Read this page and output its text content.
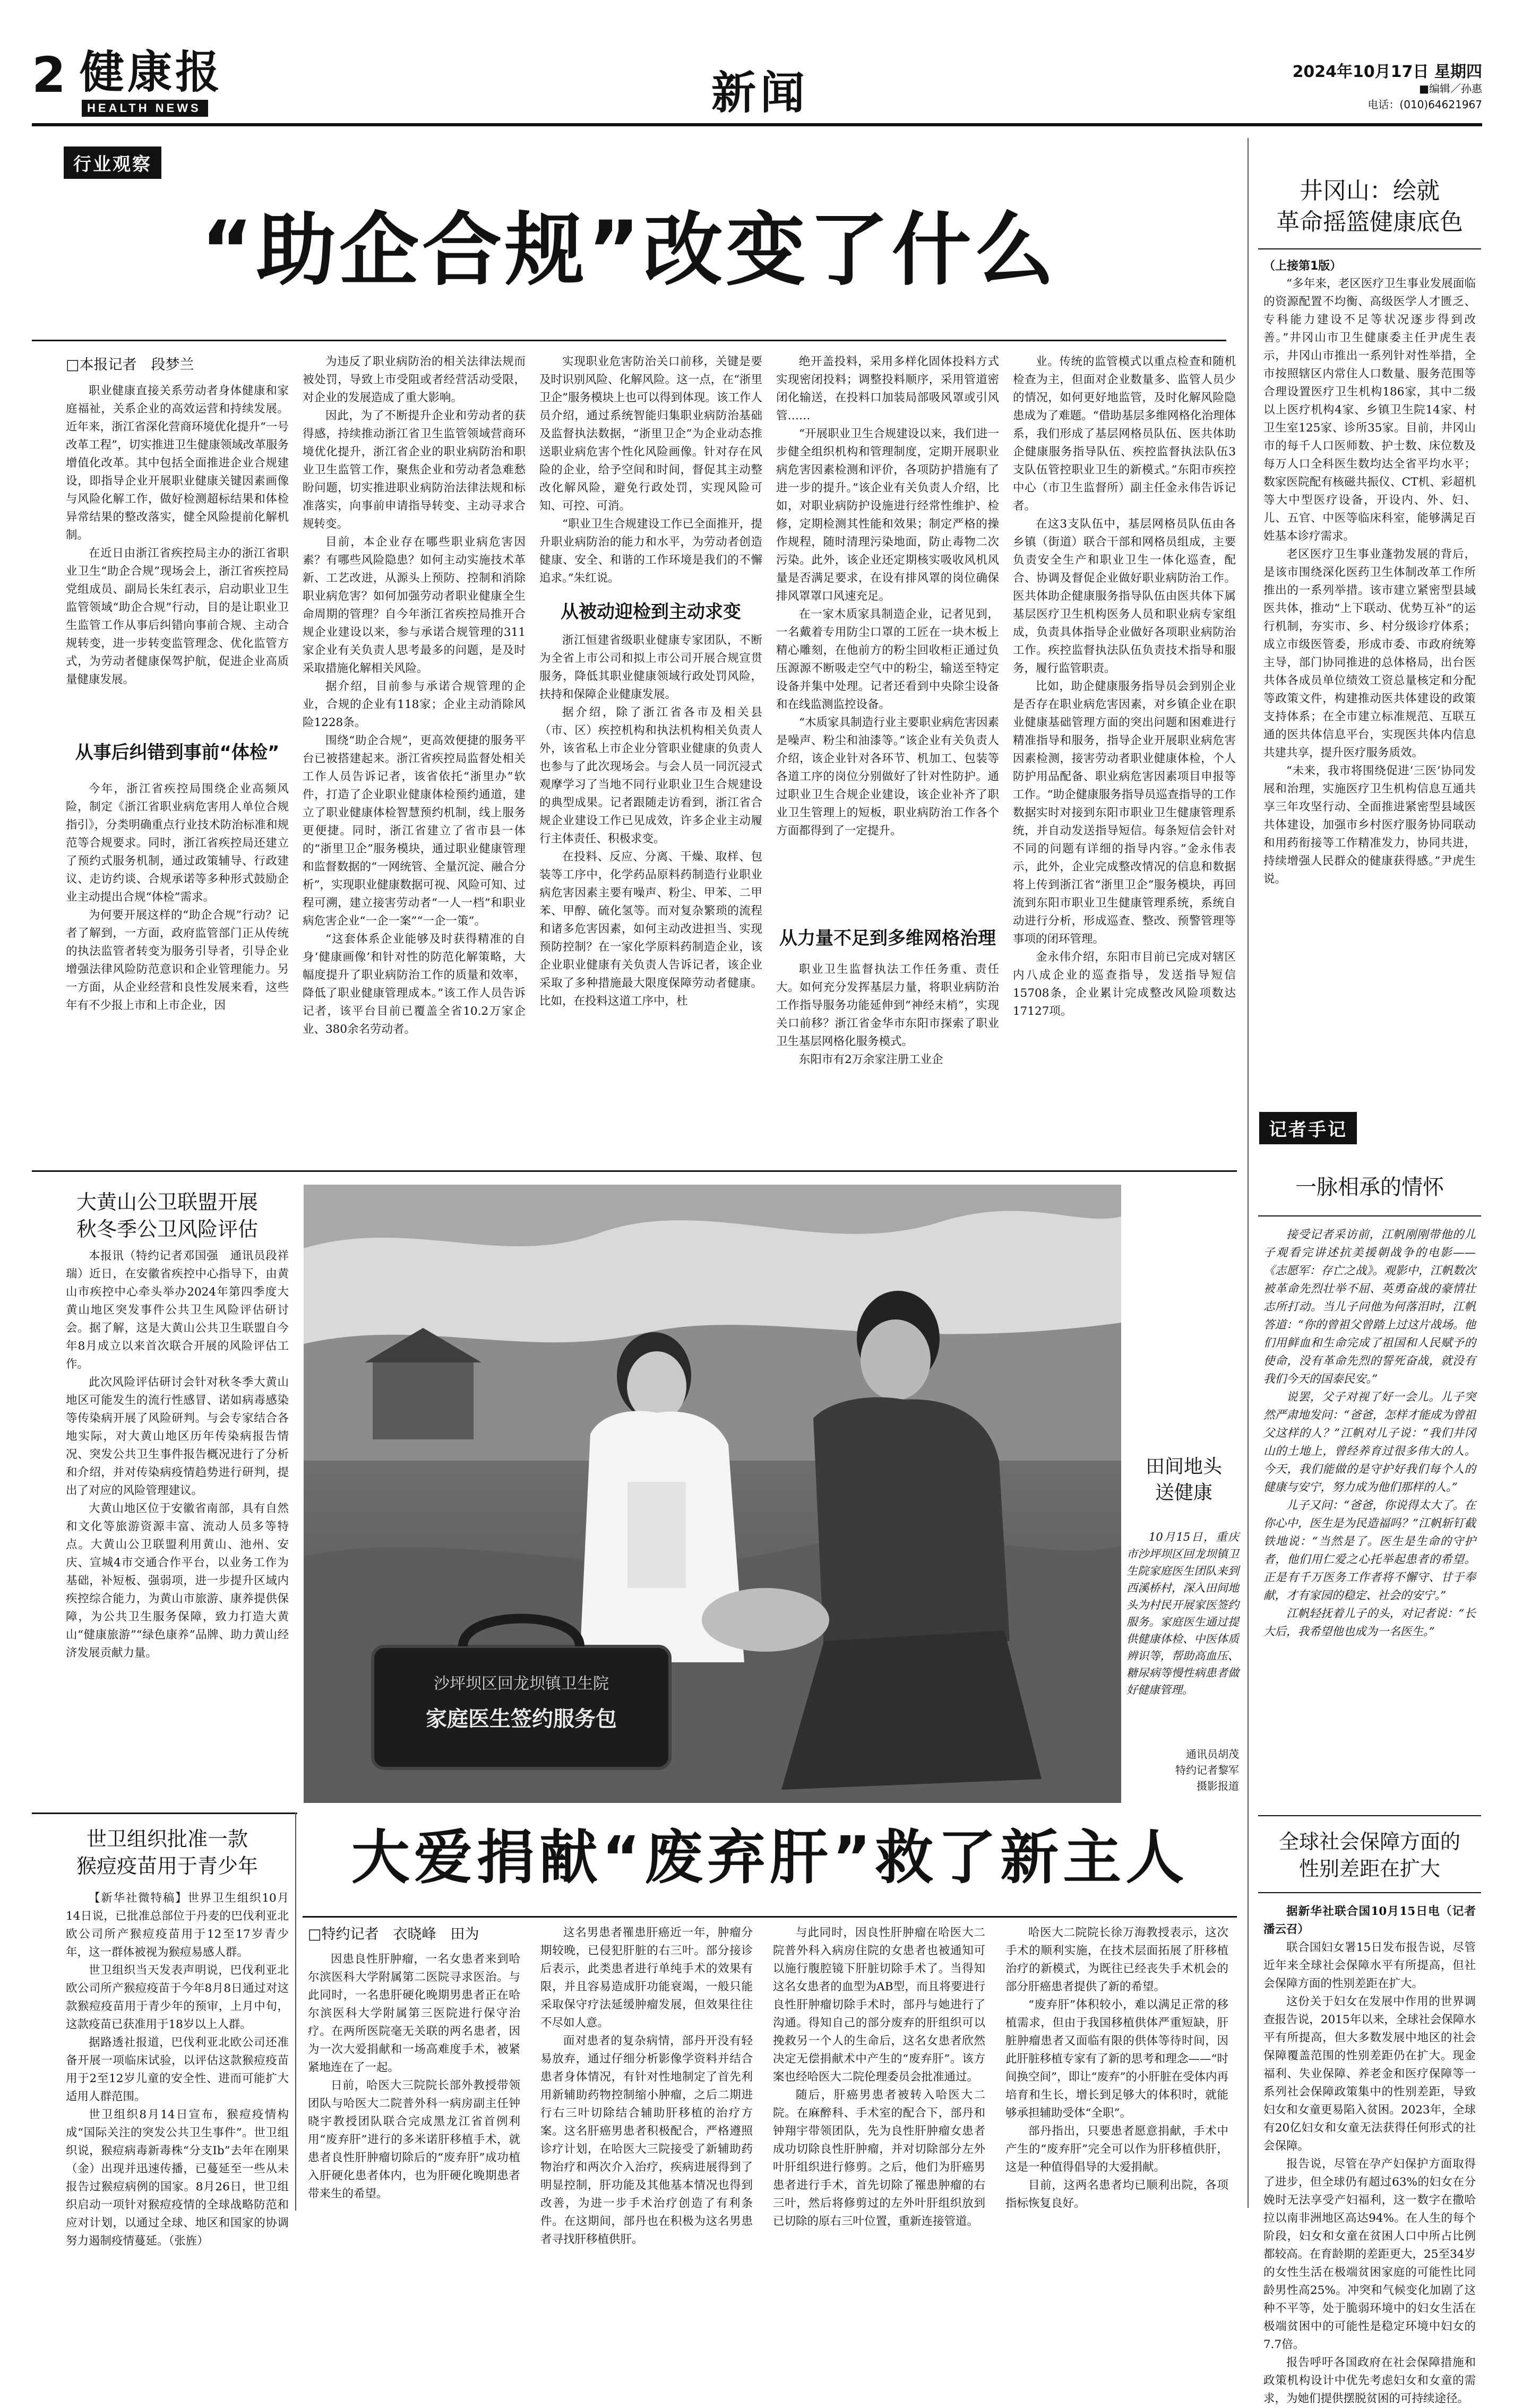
2 健康报
HEALTH NEWS	新闻	2024年10月17日 星期四
■编辑／孙惠
电话：(010)64621967
行业观察
“助企合规”改变了什么
□本报记者　段梦兰

职业健康直接关系劳动者身体健康和家庭福祉，关系企业的高效运营和持续发展。近年来，浙江省深化营商环境优化提升“一号改革工程”，切实推进卫生健康领域改革服务增值化改革。其中包括全面推进企业合规建设，即指导企业开展职业健康关键因素画像与风险化解工作，做好检测超标结果和体检异常结果的整改落实，健全风险提前化解机制。

在近日由浙江省疾控局主办的浙江省职业卫生“助企合规”现场会上，浙江省疾控局党组成员、副局长朱红表示，启动职业卫生监管领域“助企合规”行动，目的是让职业卫生监管工作从事后纠错向事前合规、主动合规转变，进一步转变监管理念、优化监管方式，为劳动者健康保驾护航，促进企业高质量健康发展。

从事后纠错到事前“体检”

今年，浙江省疾控局围绕企业高频风险，制定《浙江省职业病危害用人单位合规指引》，分类明确重点行业技术防治标准和规范等合规要求。同时，浙江省疾控局还建立了预约式服务机制，通过政策辅导、行政建议、走访约谈、合规承诺等多种形式鼓励企业主动提出合规“体检”需求。

为何要开展这样的“助企合规”行动？记者了解到，一方面，政府监管部门正从传统的执法监管者转变为服务引导者，引导企业增强法律风险防范意识和企业管理能力。另一方面，从企业经营和良性发展来看，这些年有不少报上市和上市企业，因

为违反了职业病防治的相关法律法规而被处罚，导致上市受阻或者经营活动受限，对企业的发展造成了重大影响。

因此，为了不断提升企业和劳动者的获得感，持续推动浙江省卫生监管领域营商环境优化提升，浙江省企业的职业病防治和职业卫生监管工作，聚焦企业和劳动者急难愁盼问题，切实推进职业病防治法律法规和标准落实，向事前申请指导转变、主动寻求合规转变。

目前，本企业存在哪些职业病危害因素？有哪些风险隐患？如何主动实施技术革新、工艺改进，从源头上预防、控制和消除职业病危害？如何加强劳动者职业健康全生命周期的管理？自今年浙江省疾控局推开合规企业建设以来，参与承诺合规管理的311家企业有关负责人思考最多的问题，是及时采取措施化解相关风险。

据介绍，目前参与承诺合规管理的企业，合规的企业有118家；企业主动消除风险1228条。

围绕“助企合规”，更高效便捷的服务平台已被搭建起来。浙江省疾控局监督处相关工作人员告诉记者，该省依托“浙里办”软件，打造了企业职业健康体检预约通道，建立了职业健康体检智慧预约机制，线上服务更便捷。同时，浙江省建立了省市县一体的“浙里卫企”服务模块，通过职业健康管理和监督数据的“一网统管、全量沉淀、融合分析”，实现职业健康数据可视、风险可知、过程可溯，建立接害劳动者“一人一档”和职业病危害企业“一企一案”“一企一策”。

“这套体系企业能够及时获得精准的自身‘健康画像’和针对性的防范化解策略，大幅度提升了职业病防治工作的质量和效率，降低了职业健康管理成本。”该工作人员告诉记者，该平台目前已覆盖全省10.2万家企业、380余名劳动者。

实现职业危害防治关口前移，关键是要及时识别风险、化解风险。这一点，在“浙里卫企”服务模块上也可以得到体现。该工作人员介绍，通过系统智能归集职业病防治基础及监督执法数据，“浙里卫企”为企业动态推送职业病危害个性化风险画像。针对存在风险的企业，给予空间和时间，督促其主动整改化解风险，避免行政处罚，实现风险可知、可控、可消。

“职业卫生合规建设工作已全面推开，提升职业病防治的能力和水平，为劳动者创造健康、安全、和谐的工作环境是我们的不懈追求。”朱红说。

从被动迎检到主动求变

浙江恒建省级职业健康专家团队，不断为全省上市公司和拟上市公司开展合规宣贯服务，降低其职业健康领域行政处罚风险，扶持和保障企业健康发展。

据介绍，除了浙江省各市及相关县（市、区）疾控机构和执法机构相关负责人外，该省私上市企业分管职业健康的负责人也参与了此次现场会。与会人员一同沉浸式观摩学习了当地不同行业职业卫生合规建设的典型成果。记者跟随走访看到，浙江省合规企业建设工作已见成效，许多企业主动履行主体责任、积极求变。

在投料、反应、分离、干燥、取样、包装等工序中，化学药品原料药制造行业职业病危害因素主要有噪声、粉尘、甲苯、二甲苯、甲醇、硫化氢等。而对复杂繁琐的流程和诸多危害因素，如何主动改进担当、实现预防控制？在一家化学原料药制造企业，该企业职业健康有关负责人告诉记者，该企业采取了多种措施最大限度保障劳动者健康。比如，在投料这道工序中，杜

绝开盖投料，采用多样化固体投料方式实现密闭投料；调整投料顺序，采用管道密闭化输送，在投料口加装局部吸风罩或引风管……

“开展职业卫生合规建设以来，我们进一步健全组织机构和管理制度，定期开展职业病危害因素检测和评价，各项防护措施有了进一步的提升。”该企业有关负责人介绍，比如，对职业病防护设施进行经常性维护、检修，定期检测其性能和效果；制定严格的操作规程，随时清理污染地面，防止毒物二次污染。此外，该企业还定期核实吸收风机风量是否满足要求，在设有排风罩的岗位确保排风罩罩口风速充足。

在一家木质家具制造企业，记者见到，一名戴着专用防尘口罩的工匠在一块木板上精心雕刻，在他前方的粉尘回收柜正通过负压源源不断吸走空气中的粉尘，输送至特定设备并集中处理。记者还看到中央除尘设备和在线监测监控设备。

“木质家具制造行业主要职业病危害因素是噪声、粉尘和油漆等。”该企业有关负责人介绍，该企业针对各环节、机加工、包装等各道工序的岗位分别做好了针对性防护。通过职业卫生合规企业建设，该企业补齐了职业卫生管理上的短板，职业病防治工作各个方面都得到了一定提升。

从力量不足到多维网格治理

职业卫生监督执法工作任务重、责任大。如何充分发挥基层力量，将职业病防治工作指导服务功能延伸到“神经末梢”，实现关口前移？浙江省金华市东阳市探索了职业卫生基层网格化服务模式。

东阳市有2万余家注册工业企

业。传统的监管模式以重点检查和随机检查为主，但面对企业数量多、监管人员少的情况，如何更好地监管，及时化解风险隐患成为了难题。“借助基层多维网格化治理体系，我们形成了基层网格员队伍、医共体助企健康服务指导队伍、疾控监督执法队伍3支队伍管控职业卫生的新模式。”东阳市疾控中心（市卫生监督所）副主任金永伟告诉记者。

在这3支队伍中，基层网格员队伍由各乡镇（街道）联合干部和网格员组成，主要负责安全生产和职业卫生一体化巡查，配合、协调及督促企业做好职业病防治工作。医共体助企健康服务指导队伍由医共体下属基层医疗卫生机构医务人员和职业病专家组成，负责具体指导企业做好各项职业病防治工作。疾控监督执法队伍负责技术指导和服务，履行监管职责。

比如，助企健康服务指导员会到别企业是否存在职业病危害因素，对乡镇企业在职业健康基础管理方面的突出问题和困难进行精准指导和服务，指导企业开展职业病危害因素检测，接害劳动者职业健康体检，个人防护用品配备、职业病危害因素项目申报等工作。“助企健康服务指导员巡查指导的工作数据实时对接到东阳市职业卫生健康管理系统，并自动发送指导短信。每条短信会针对不同的问题有详细的指导内容。”金永伟表示，此外，企业完成整改情况的信息和数据将上传到浙江省“浙里卫企”服务模块，再回流到东阳市职业卫生健康管理系统，系统自动进行分析，形成巡查、整改、预警管理等事项的闭环管理。

金永伟介绍，东阳市目前已完成对辖区内八成企业的巡查指导，发送指导短信15708条，企业累计完成整改风险项数达17127项。

井冈山：绘就
革命摇篮健康底色
（上接第1版）

“多年来，老区医疗卫生事业发展面临的资源配置不均衡、高级医学人才匮乏、专科能力建设不足等状况逐步得到改善。”井冈山市卫生健康委主任尹虎生表示，井冈山市推出一系列针对性举措，全市按照辖区内常住人口数量、服务范围等合理设置医疗卫生机构186家，其中二级以上医疗机构4家、乡镇卫生院14家、村卫生室125家、诊所35家。目前，井冈山市的每千人口医师数、护士数、床位数及每万人口全科医生数均达全省平均水平；数家医院配有核磁共振仪、CT机、彩超机等大中型医疗设备，开设内、外、妇、儿、五官、中医等临床科室，能够满足百姓基本诊疗需求。

老区医疗卫生事业蓬勃发展的背后，是该市围绕深化医药卫生体制改革工作所推出的一系列举措。该市建立紧密型县域医共体，推动“上下联动、优势互补”的运行机制，夯实市、乡、村分级诊疗体系；成立市级医管委，形成市委、市政府统筹主导，部门协同推进的总体格局，出台医共体各成员单位绩效工资总量核定和分配等政策文件，构建推动医共体建设的政策支持体系；在全市建立标准规范、互联互通的医共体信息平台，实现医共体内信息共建共享，提升医疗服务质效。

“未来，我市将围绕促进‘三医’协同发展和治理，实施医疗卫生机构信息互通共享三年攻坚行动、全面推进紧密型县域医共体建设，加强市乡村医疗服务协同联动和用药衔接等工作精准发力，协同共进，持续增强人民群众的健康获得感。”尹虎生说。

记者手记
一脉相承的情怀

接受记者采访前，江帆刚刚带他的儿子观看完讲述抗美援朝战争的电影——《志愿军：存亡之战》。观影中，江帆数次被革命先烈壮举不屈、英勇奋战的豪情壮志所打动。当儿子问他为何落泪时，江帆答道：“你的曾祖父曾踏上过这片战场。他们用鲜血和生命完成了祖国和人民赋予的使命，没有革命先烈的誓死奋战，就没有我们今天的国泰民安。”

说罢，父子对视了好一会儿。儿子突然严肃地发问：“爸爸，怎样才能成为曾祖父这样的人？”江帆对儿子说：“我们井冈山的土地上，曾经养育过很多伟大的人。今天，我们能做的是守护好我们每个人的健康与安宁，努力成为他们那样的人。”

儿子又问：“爸爸，你说得太大了。在你心中，医生是为民造福吗？”江帆斩钉截铁地说：“当然是了。医生是生命的守护者，他们用仁爱之心托举起患者的希望。正是有千万医务工作者将不懈守、甘于奉献，才有家园的稳定、社会的安宁。”

江帆轻抚着儿子的头，对记者说：“长大后，我希望他也成为一名医生。”

全球社会保障方面的
性别差距在扩大

据新华社联合国10月15日电（记者潘云召）

联合国妇女署15日发布报告说，尽管近年来全球社会保障水平有所提高，但社会保障方面的性别差距在扩大。

这份关于妇女在发展中作用的世界调查报告说，2015年以来，全球社会保障水平有所提高，但大多数发展中地区的社会保障覆盖范围的性别差距仍在扩大。现金福利、失业保障、养老金和医疗保障等一系列社会保障政策集中的性别差距，导致妇女和女童更易陷入贫困。2023年，全球有20亿妇女和女童无法获得任何形式的社会保障。

报告说，尽管在孕产妇保护方面取得了进步，但全球仍有超过63%的妇女在分娩时无法享受产妇福利，这一数字在撒哈拉以南非洲地区高达94%。在人生的每个阶段，妇女和女童在贫困人口中所占比例都较高。在育龄期的差距更大，25至34岁的女性生活在极端贫困家庭的可能性比同龄男性高25%。冲突和气候变化加剧了这种不平等，处于脆弱环境中的妇女生活在极端贫困中的可能性是稳定环境中妇女的7.7倍。

报告呼吁各国政府在社会保障措施和政策机构设计中优先考虑妇女和女童的需求，为她们提供摆脱贫困的可持续途径。

大黄山公卫联盟开展
秋冬季公卫风险评估

本报讯（特约记者邓国强　通讯员段祥瑞）近日，在安徽省疾控中心指导下，由黄山市疾控中心牵头举办2024年第四季度大黄山地区突发事件公共卫生风险评估研讨会。据了解，这是大黄山公共卫生联盟自今年8月成立以来首次联合开展的风险评估工作。

此次风险评估研讨会针对秋冬季大黄山地区可能发生的流行性感冒、诺如病毒感染等传染病开展了风险研判。与会专家结合各地实际，对大黄山地区历年传染病报告情况、突发公共卫生事件报告概况进行了分析和介绍，并对传染病疫情趋势进行研判，提出了对应的风险管理建议。

大黄山地区位于安徽省南部，具有自然和文化等旅游资源丰富、流动人员多等特点。大黄山公卫联盟利用黄山、池州、安庆、宣城4市交通合作平台，以业务工作为基础，补短板、强弱项，进一步提升区域内疾控综合能力，为黄山市旅游、康养提供保障，为公共卫生服务保障，致力打造大黄山“健康旅游”“绿色康养”品牌、助力黄山经济发展贡献力量。

沙坪坝区回龙坝镇卫生院
家庭医生签约服务包
田间地头
送健康
10月15日，重庆市沙坪坝区回龙坝镇卫生院家庭医生团队来到西溪桥村，深入田间地头为村民开展家医签约服务。家庭医生通过提供健康体检、中医体质辨识等，帮助高血压、糖尿病等慢性病患者做好健康管理。
通讯员胡茂
特约记者黎军
摄影报道
世卫组织批准一款
猴痘疫苗用于青少年

【新华社微特稿】世界卫生组织10月14日说，已批准总部位于丹麦的巴伐利亚北欧公司所产猴痘疫苗用于12至17岁青少年，这一群体被视为猴痘易感人群。

世卫组织当天发表声明说，巴伐利亚北欧公司所产猴痘疫苗于今年8月8日通过对这款猴痘疫苗用于青少年的预审，上月中旬，这款疫苗已获准用于18岁以上人群。

据路透社报道，巴伐利亚北欧公司还准备开展一项临床试验，以评估这款猴痘疫苗用于2至12岁儿童的安全性、进而可能扩大适用人群范围。

世卫组织8月14日宣布，猴痘疫情构成“国际关注的突发公共卫生事件”。世卫组织说，猴痘病毒新毒株“分支Ib”去年在刚果（金）出现并迅速传播，已蔓延至一些从未报告过猴痘病例的国家。8月26日，世卫组织启动一项针对猴痘疫情的全球战略防范和应对计划，以通过全球、地区和国家的协调努力遏制疫情蔓延。（张旌）

大爱捐献“废弃肝”救了新主人
□特约记者　衣晓峰　田为

因患良性肝肿瘤，一名女患者来到哈尔滨医科大学附属第二医院寻求医治。与此同时，一名患肝硬化晚期男患者正在哈尔滨医科大学附属第三医院进行保守治疗。在两所医院毫无关联的两名患者，因为一次大爱捐献和一场高难度手术，被紧紧地连在了一起。

日前，哈医大三院院长部外教授带领团队与哈医大二院普外科一病房副主任钟晓宇教授团队联合完成黑龙江省首例利用“废弃肝”进行的多米诺肝移植手术，就患者良性肝肿瘤切除后的“废弃肝”成功植入肝硬化患者体内，也为肝硬化晚期患者带来生的希望。

这名男患者罹患肝癌近一年，肿瘤分期较晚，已侵犯肝脏的右三叶。部分接诊后表示，此类患者进行单纯手术的效果有限，并且容易造成肝功能衰竭，一般只能采取保守疗法延缓肿瘤发展，但效果往往不尽如人意。

面对患者的复杂病情，部丹开没有轻易放弃，通过仔细分析影像学资料并结合患者身体情况，有针对性地制定了首先利用新辅助药物控制缩小肿瘤，之后二期进行右三叶切除结合辅助肝移植的治疗方案。这名肝癌男患者积极配合，严格遵照诊疗计划，在哈医大三院接受了新辅助药物治疗和两次介入治疗，疾病进展得到了明显控制，肝功能及其他基本情况也得到改善，为进一步手术治疗创造了有利条件。在这期间，部丹也在积极为这名男患者寻找肝移植供肝。

与此同时，因良性肝肿瘤在哈医大二院普外科入病房住院的女患者也被通知可以施行腹腔镜下肝脏切除手术了。当得知这名女患者的血型为AB型，而且将要进行良性肝肿瘤切除手术时，部丹与她进行了沟通。得知自己的部分废弃的肝组织可以挽救另一个人的生命后，这名女患者欣然决定无偿捐献术中产生的“废弃肝”。该方案也经哈医大二院伦理委员会批准通过。

随后，肝癌男患者被转入哈医大二院。在麻醉科、手术室的配合下，部丹和钟翔宇带领团队，先为良性肝肿瘤女患者成功切除良性肝肿瘤，并对切除部分左外叶肝组织进行修剪。之后，他们为肝癌男患者进行手术，首先切除了罹患肿瘤的右三叶，然后将修剪过的左外叶肝组织放到已切除的原右三叶位置，重新连接管道。

哈医大二院院长徐万海教授表示，这次手术的顺利实施，在技术层面拓展了肝移植治疗的新模式，为既往已经丧失手术机会的部分肝癌患者提供了新的希望。

“废弃肝”体积较小，难以满足正常的移植需求，但由于我国移植供体严重短缺，肝脏肿瘤患者又面临有限的供体等待时间，因此肝脏移植专家有了新的思考和理念——“时间换空间”，即让“废弃”的小肝脏在受体内再培育和生长，增长到足够大的体积时，就能够承担辅助受体“全职”。

部丹指出，只要患者愿意捐献，手术中产生的“废弃肝”完全可以作为肝移植供肝，这是一种值得倡导的大爱捐献。

目前，这两名患者均已顺利出院，各项指标恢复良好。
